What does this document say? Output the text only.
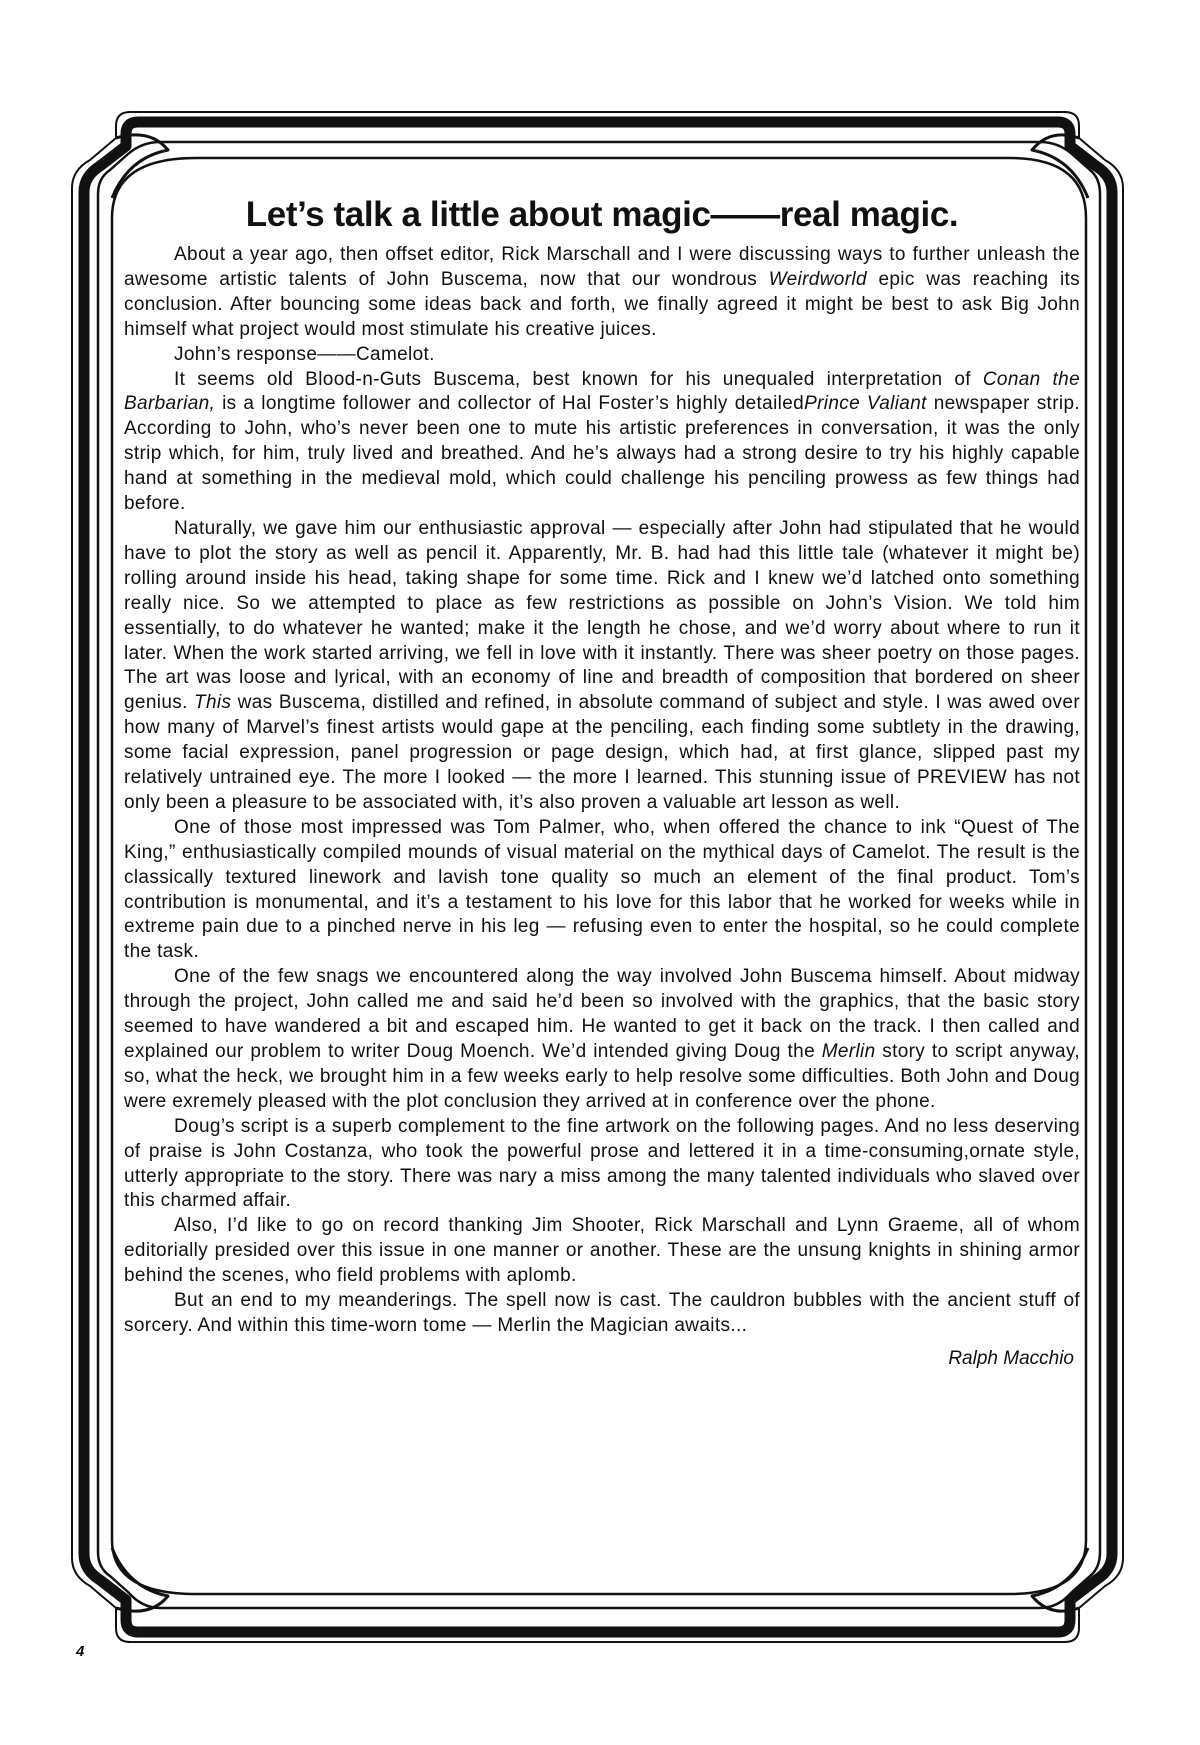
4
Let’s talk a little about magic——real magic.

About a year ago, then offset editor, Rick Marschall and I were discussing ways to further unleash the awesome artistic talents of John Buscema, now that our wondrous Weirdworld epic was reaching its conclusion. After bouncing some ideas back and forth, we finally agreed it might be best to ask Big John himself what project would most stimulate his creative juices.

John’s response——Camelot.

It seems old Blood-n-Guts Buscema, best known for his unequaled interpretation of Conan the Barbarian, is a longtime follower and collector of Hal Foster’s highly detailedPrince Valiant newspaper strip. According to John, who’s never been one to mute his artistic preferences in conversation, it was the only strip which, for him, truly lived and breathed. And he’s always had a strong desire to try his highly capable hand at something in the medieval mold, which could challenge his penciling prowess as few things had before.

Naturally, we gave him our enthusiastic approval — especially after John had stipulated that he would have to plot the story as well as pencil it. Apparently, Mr. B. had had this little tale (whatever it might be) rolling around inside his head, taking shape for some time. Rick and I knew we’d latched onto something really nice. So we attempted to place as few restrictions as possible on John’s Vision. We told him essentially, to do whatever he wanted; make it the length he chose, and we’d worry about where to run it later. When the work started arriving, we fell in love with it instantly. There was sheer poetry on those pages. The art was loose and lyrical, with an economy of line and breadth of composition that bordered on sheer genius. This was Buscema, distilled and refined, in absolute command of subject and style. I was awed over how many of Marvel’s finest artists would gape at the penciling, each finding some subtlety in the drawing, some facial expression, panel progression or page design, which had, at first glance, slipped past my relatively untrained eye. The more I looked — the more I learned. This stunning issue of PREVIEW has not only been a pleasure to be associated with, it’s also proven a valuable art lesson as well.

One of those most impressed was Tom Palmer, who, when offered the chance to ink “Quest of The King,” enthusiastically compiled mounds of visual material on the mythical days of Camelot. The result is the classically textured linework and lavish tone quality so much an element of the final product. Tom’s contribution is monumental, and it’s a testament to his love for this labor that he worked for weeks while in extreme pain due to a pinched nerve in his leg — refusing even to enter the hospital, so he could complete the task.

One of the few snags we encountered along the way involved John Buscema himself. About midway through the project, John called me and said he’d been so involved with the graphics, that the basic story seemed to have wandered a bit and escaped him. He wanted to get it back on the track. I then called and explained our problem to writer Doug Moench. We’d intended giving Doug the Merlin story to script anyway, so, what the heck, we brought him in a few weeks early to help resolve some difficulties. Both John and Doug were exremely pleased with the plot conclusion they arrived at in conference over the phone.

Doug’s script is a superb complement to the fine artwork on the following pages. And no less deserving of praise is John Costanza, who took the powerful prose and lettered it in a time-consuming,ornate style, utterly appropriate to the story. There was nary a miss among the many talented individuals who slaved over this charmed affair.

Also, I’d like to go on record thanking Jim Shooter, Rick Marschall and Lynn Graeme, all of whom editorially presided over this issue in one manner or another. These are the unsung knights in shining armor behind the scenes, who field problems with aplomb.

But an end to my meanderings. The spell now is cast. The cauldron bubbles with the ancient stuff of sorcery. And within this time-worn tome — Merlin the Magician awaits...

Ralph Macchio
